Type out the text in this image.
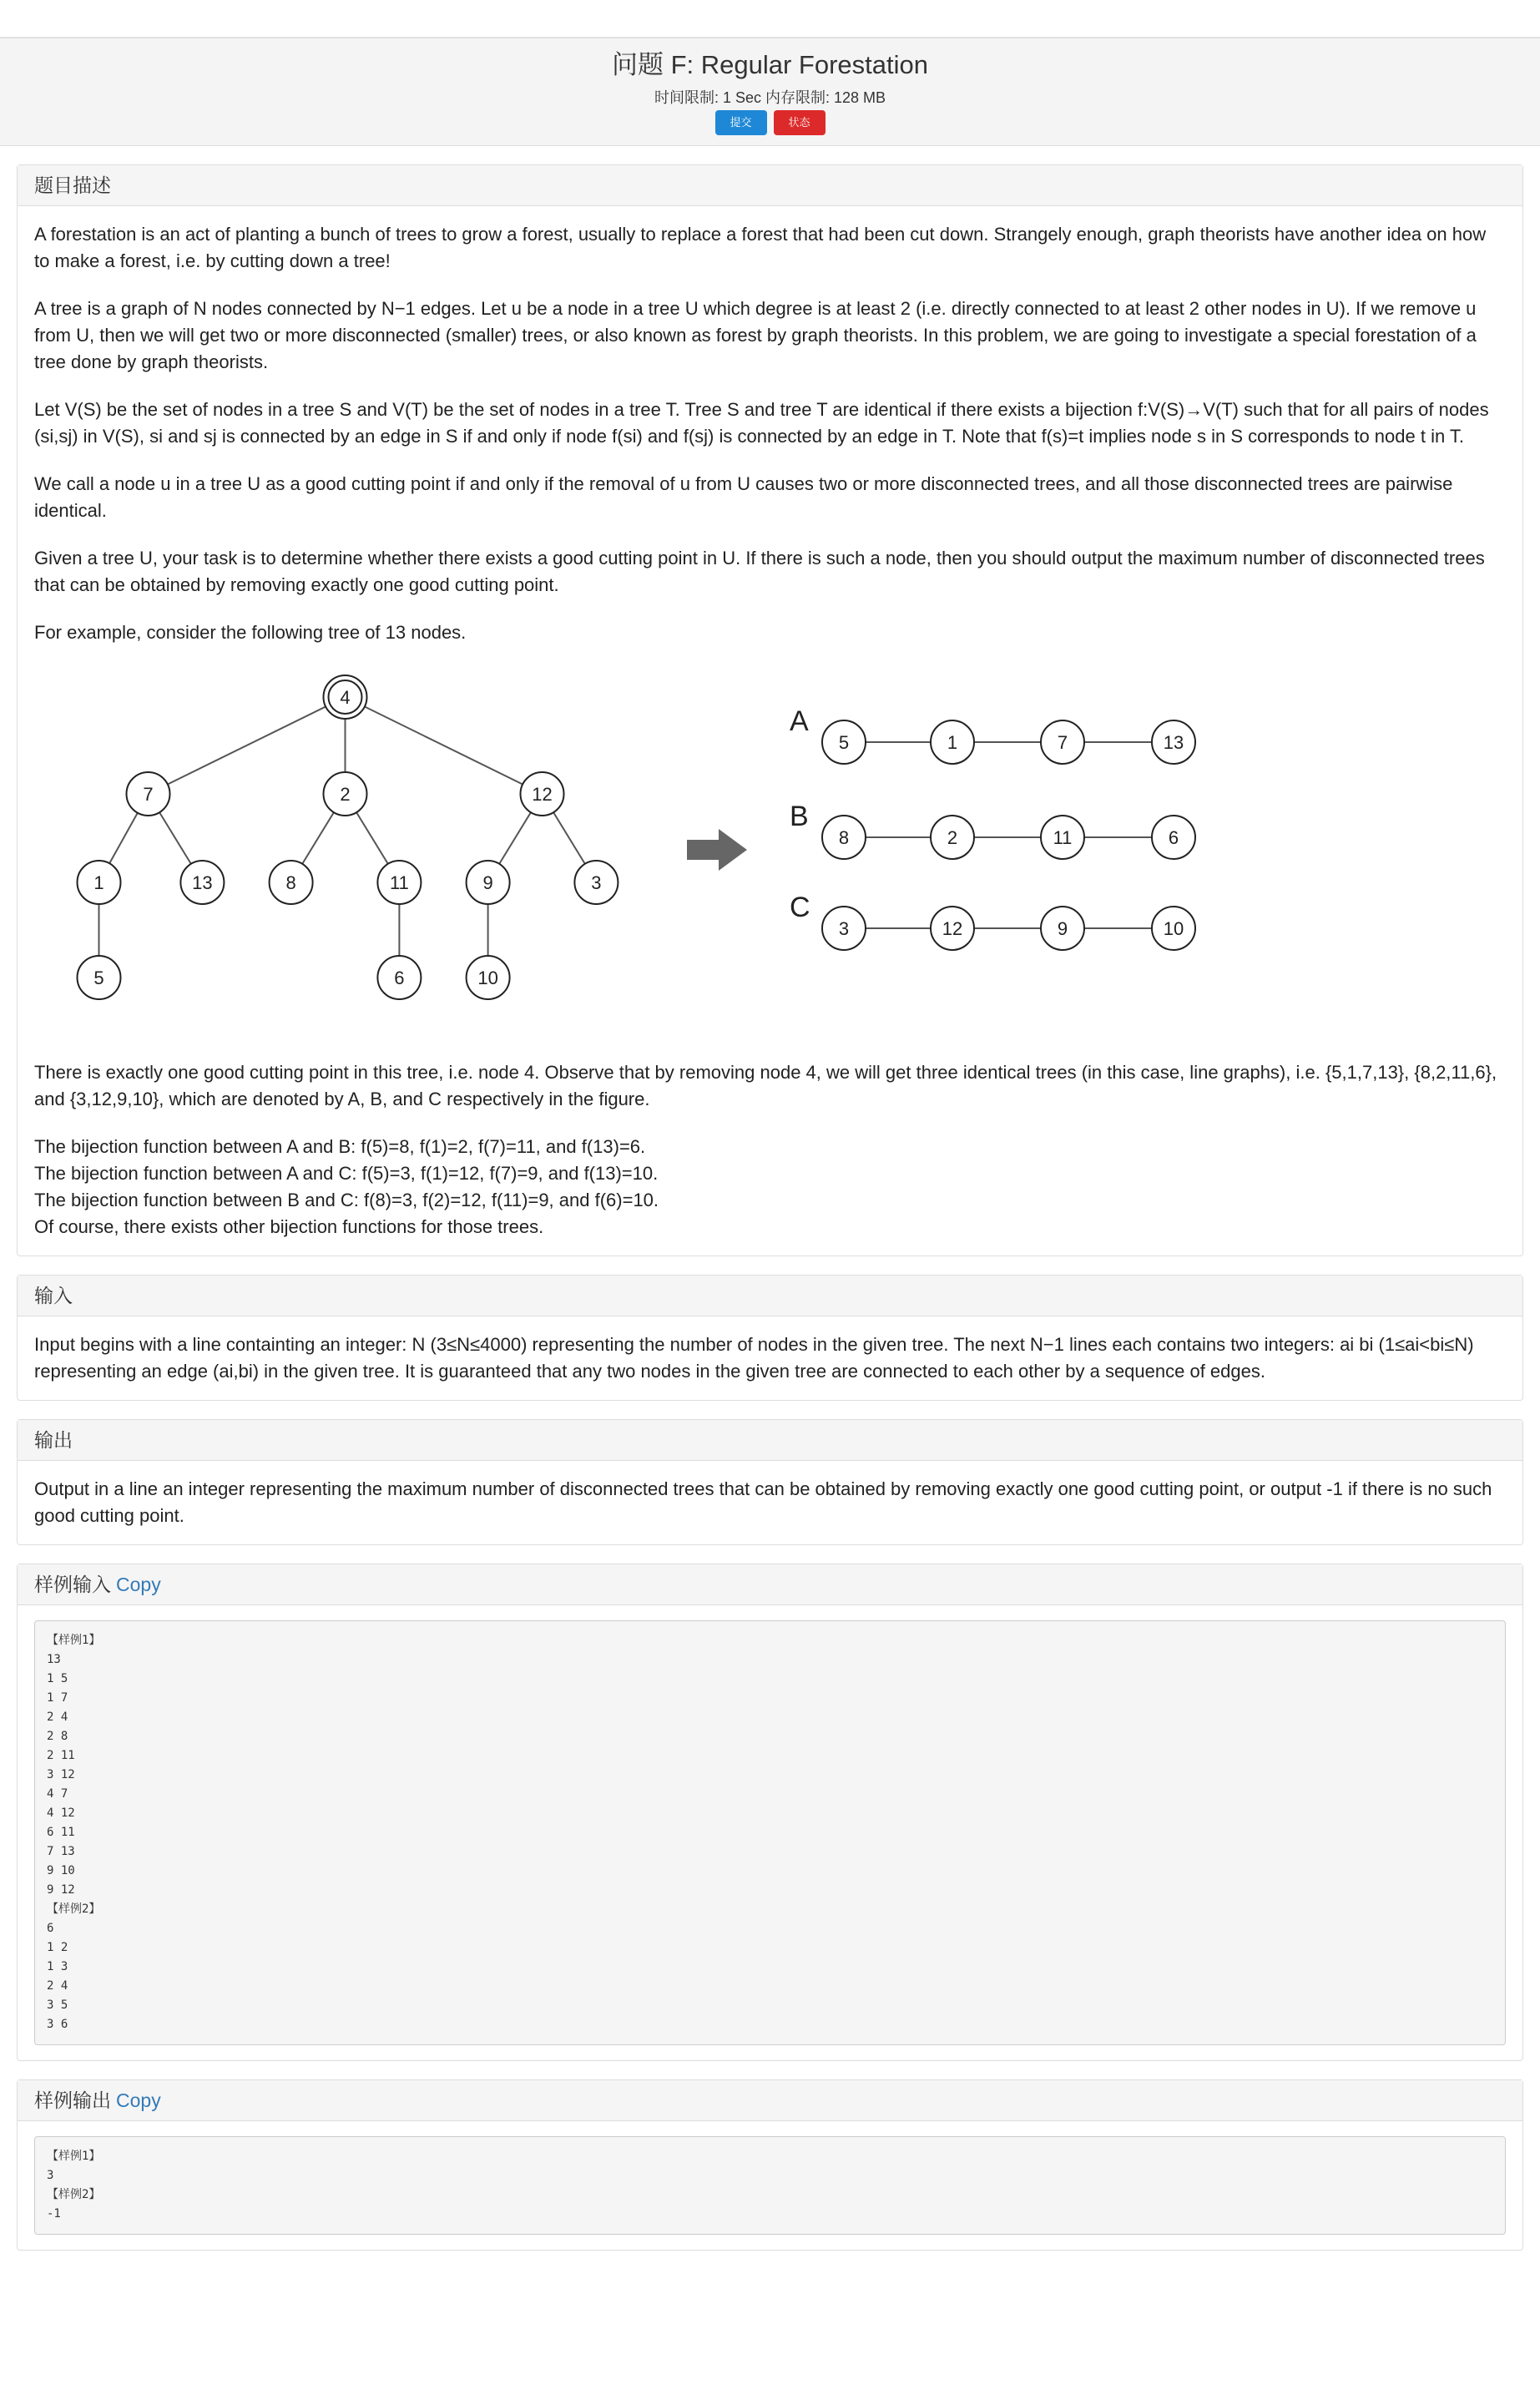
问题 F: Regular Forestation
时间限制: 1 Sec 内存限制: 128 MB
提交	状态
题目描述

A forestation is an act of planting a bunch of trees to grow a forest, usually to replace a forest that had been cut down. Strangely enough, graph theorists have another idea on how to make a forest, i.e. by cutting down a tree!

A tree is a graph of N nodes connected by N−1 edges. Let u be a node in a tree U which degree is at least 2 (i.e. directly connected to at least 2 other nodes in U). If we remove u from U, then we will get two or more disconnected (smaller) trees, or also known as forest by graph theorists. In this problem, we are going to investigate a special forestation of a tree done by graph theorists.

Let V(S) be the set of nodes in a tree S and V(T) be the set of nodes in a tree T. Tree S and tree T are identical if there exists a bijection f:V(S)→V(T) such that for all pairs of nodes (si,sj) in V(S), si and sj is connected by an edge in S if and only if node f(si) and f(sj) is connected by an edge in T. Note that f(s)=t implies node s in S corresponds to node t in T.

We call a node u in a tree U as a good cutting point if and only if the removal of u from U causes two or more disconnected trees, and all those disconnected trees are pairwise identical.

Given a tree U, your task is to determine whether there exists a good cutting point in U. If there is such a node, then you should output the maximum number of disconnected trees that can be obtained by removing exactly one good cutting point.

For example, consider the following tree of 13 nodes.

4
7	2	12
1	13	8	11	9	3
5	6	10
A
5	1	7	13
B
8	2	11	6
C
3	12	9	10

There is exactly one good cutting point in this tree, i.e. node 4. Observe that by removing node 4, we will get three identical trees (in this case, line graphs), i.e. {5,1,7,13}, {8,2,11,6}, and {3,12,9,10}, which are denoted by A, B, and C respectively in the figure.

The bijection function between A and B: f(5)=8, f(1)=2, f(7)=11, and f(13)=6.
The bijection function between A and C: f(5)=3, f(1)=12, f(7)=9, and f(13)=10.
The bijection function between B and C: f(8)=3, f(2)=12, f(11)=9, and f(6)=10.
Of course, there exists other bijection functions for those trees.
输入

Input begins with a line containting an integer: N (3≤N≤4000) representing the number of nodes in the given tree. The next N−1 lines each contains two integers: ai bi (1≤ai<bi≤N) representing an edge (ai,bi) in the given tree. It is guaranteed that any two nodes in the given tree are connected to each other by a sequence of edges.

输出

Output in a line an integer representing the maximum number of disconnected trees that can be obtained by removing exactly one good cutting point, or output -1 if there is no such good cutting point.

样例输入 Copy
【样例1】
13
1 5
1 7
2 4
2 8
2 11
3 12
4 7
4 12
6 11
7 13
9 10
9 12
【样例2】
6
1 2
1 3
2 4
3 5
3 6
样例输出 Copy
【样例1】
3
【样例2】
-1
